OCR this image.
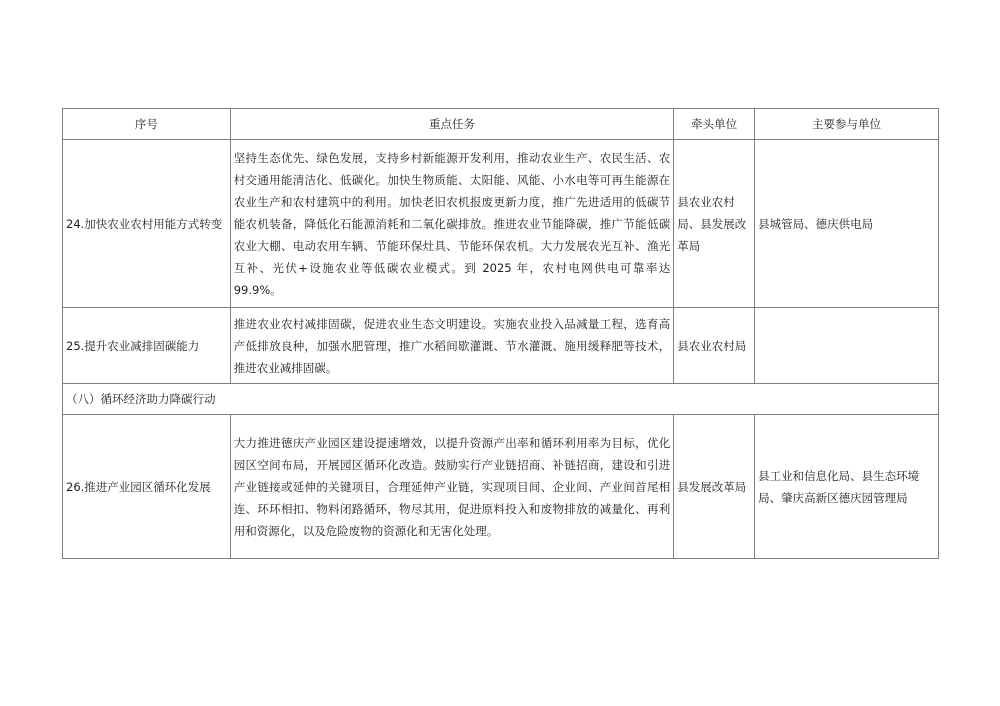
序号	重点任务	牵头单位	主要参与单位
24.加快农业农村用能方式转变	坚持生态优先、绿色发展，支持乡村新能源开发利用，推动农业生产、农民生活、农村交通用能清洁化、低碳化。加快生物质能、太阳能、风能、小水电等可再生能源在农业生产和农村建筑中的利用。加快老旧农机报废更新力度，推广先进适用的低碳节能农机装备，降低化石能源消耗和二氧化碳排放。推进农业节能降碳，推广节能低碳农业大棚、电动农用车辆、节能环保灶具、节能环保农机。大力发展农光互补、渔光互补、光伏+设施农业等低碳农业模式。到 2025 年，农村电网供电可靠率达 99.9%。	县农业农村局、县发展改革局	县城管局、德庆供电局
25.提升农业减排固碳能力	推进农业农村减排固碳，促进农业生态文明建设。实施农业投入品减量工程，选育高产低排放良种，加强水肥管理，推广水稻间歇灌溉、节水灌溉、施用缓释肥等技术，推进农业减排固碳。	县农业农村局	
（八）循环经济助力降碳行动			
26.推进产业园区循环化发展	大力推进德庆产业园区建设提速增效，以提升资源产出率和循环利用率为目标，优化园区空间布局，开展园区循环化改造。鼓励实行产业链招商、补链招商，建设和引进产业链接或延伸的关键项目，合理延伸产业链，实现项目间、企业间、产业间首尾相连、环环相扣、物料闭路循环，物尽其用，促进原料投入和废物排放的减量化、再利用和资源化，以及危险废物的资源化和无害化处理。	县发展改革局	县工业和信息化局、县生态环境局、肇庆高新区德庆园管理局
